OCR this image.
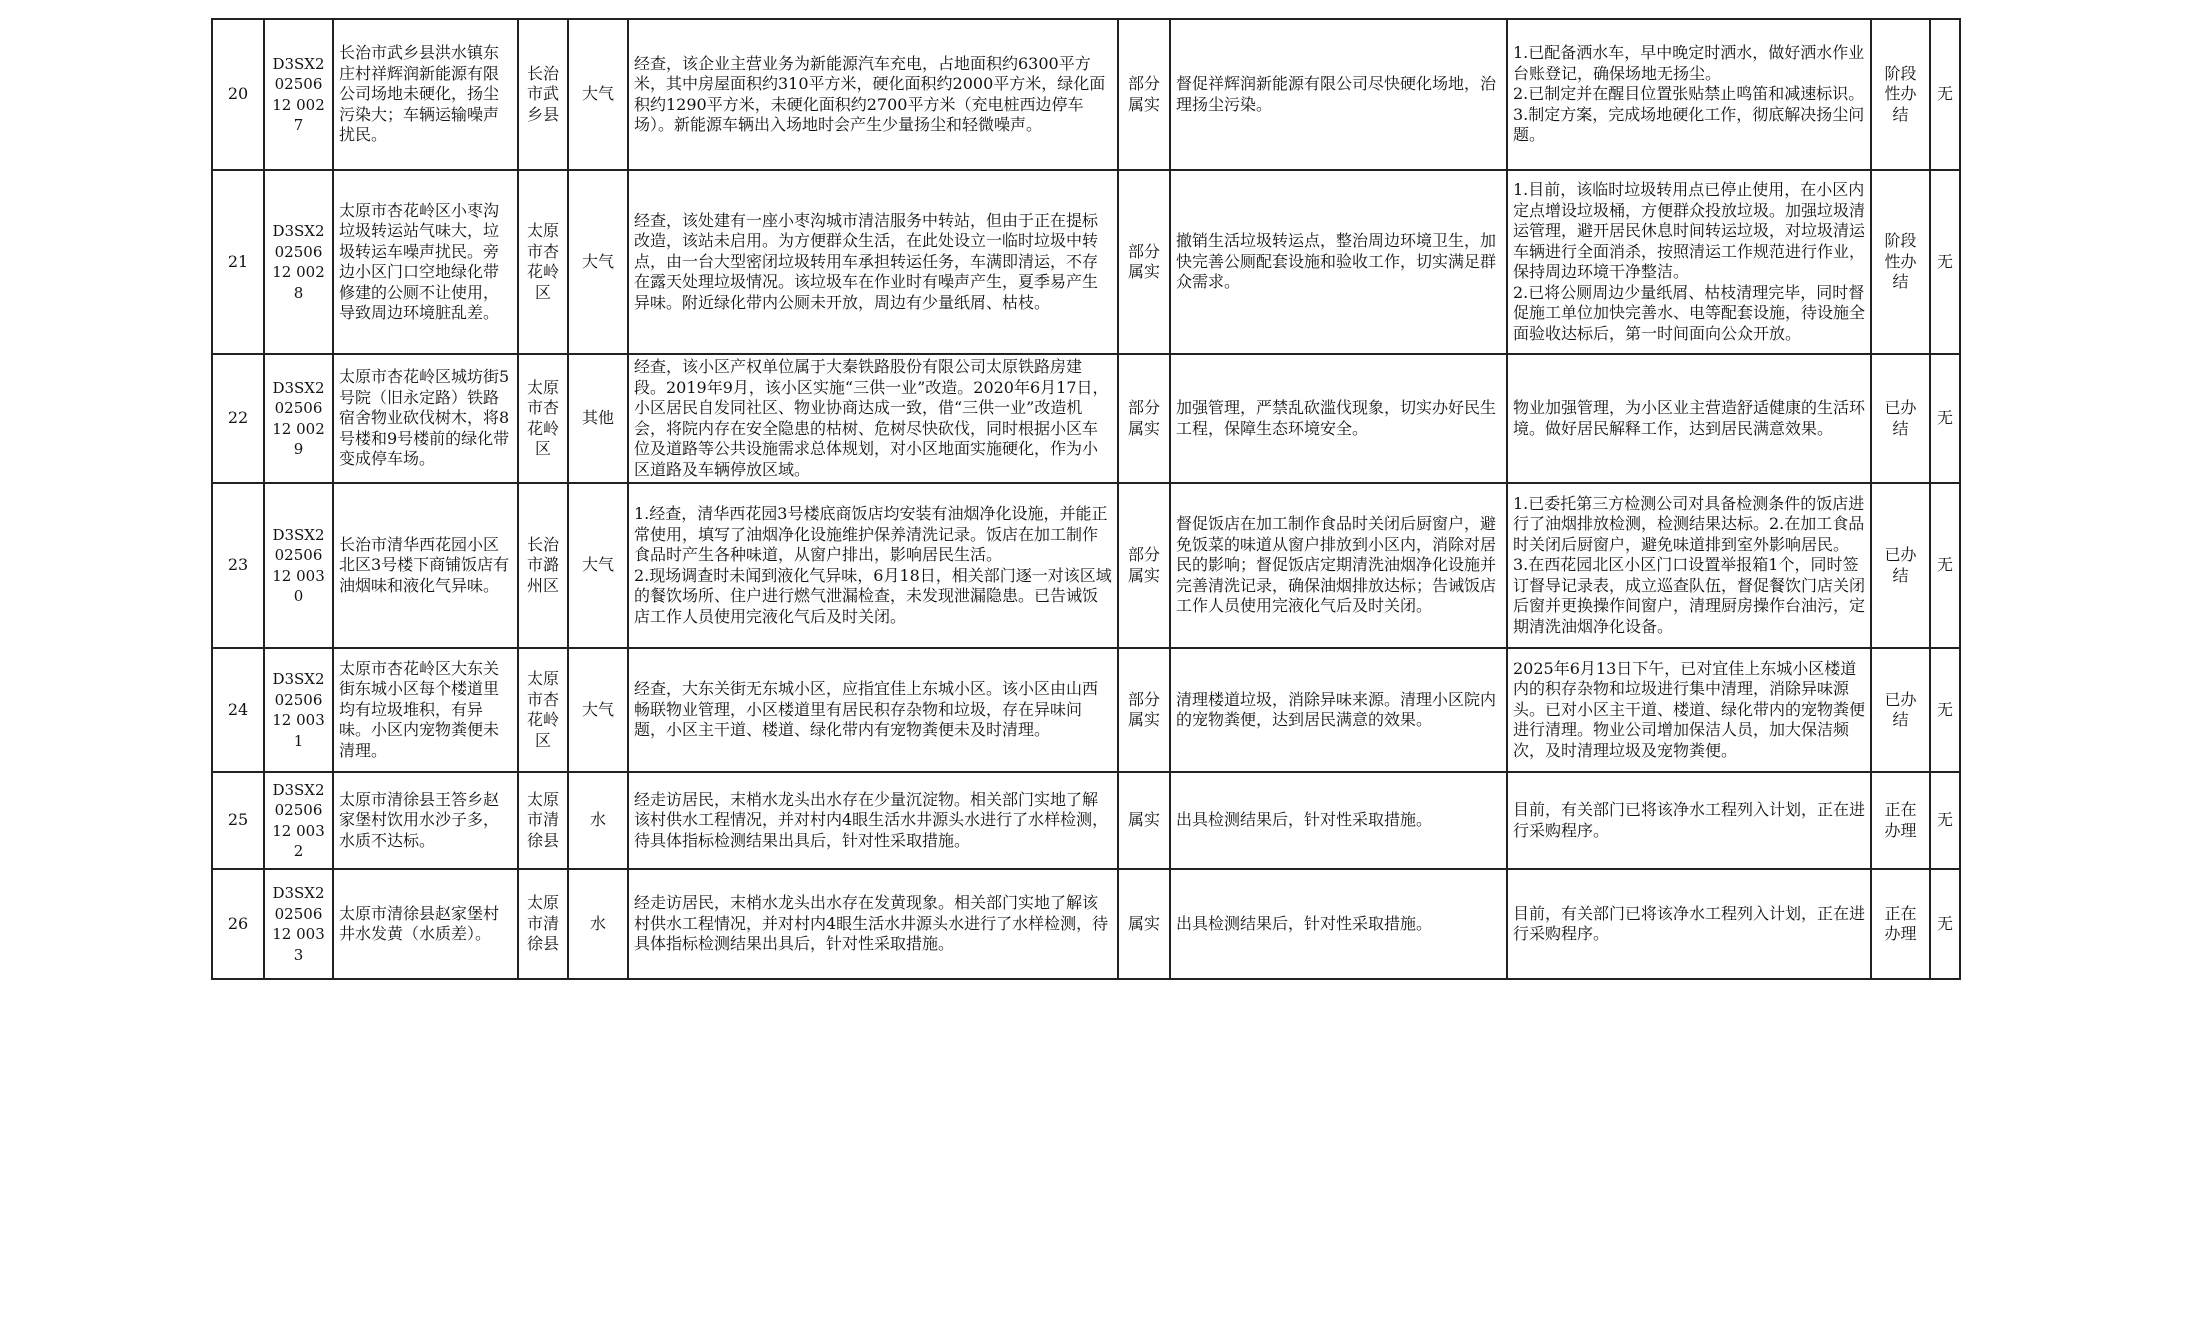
20	D3SX20250612 0027	长治市武乡县洪水镇东庄村祥辉润新能源有限公司场地未硬化，扬尘污染大；车辆运输噪声扰民。	长治市武乡县	大气	经查，该企业主营业务为新能源汽车充电，占地面积约6300平方米，其中房屋面积约310平方米，硬化面积约2000平方米，绿化面积约1290平方米，未硬化面积约2700平方米（充电桩西边停车场）。新能源车辆出入场地时会产生少量扬尘和轻微噪声。	部分属实	督促祥辉润新能源有限公司尽快硬化场地，治理扬尘污染。	1.已配备洒水车，早中晚定时洒水，做好洒水作业台账登记，确保场地无扬尘。
2.已制定并在醒目位置张贴禁止鸣笛和减速标识。
3.制定方案，完成场地硬化工作，彻底解决扬尘问题。	阶段性办结	无
21	D3SX20250612 0028	太原市杏花岭区小枣沟垃圾转运站气味大，垃圾转运车噪声扰民。旁边小区门口空地绿化带修建的公厕不让使用，导致周边环境脏乱差。	太原市杏花岭区	大气	经查，该处建有一座小枣沟城市清洁服务中转站，但由于正在提标改造，该站未启用。为方便群众生活，在此处设立一临时垃圾中转点，由一台大型密闭垃圾转用车承担转运任务，车满即清运，不存在露天处理垃圾情况。该垃圾车在作业时有噪声产生，夏季易产生异味。附近绿化带内公厕未开放，周边有少量纸屑、枯枝。	部分属实	撤销生活垃圾转运点，整治周边环境卫生，加快完善公厕配套设施和验收工作，切实满足群众需求。	1.目前，该临时垃圾转用点已停止使用，在小区内定点增设垃圾桶，方便群众投放垃圾。加强垃圾清运管理，避开居民休息时间转运垃圾，对垃圾清运车辆进行全面消杀，按照清运工作规范进行作业，保持周边环境干净整洁。
2.已将公厕周边少量纸屑、枯枝清理完毕，同时督促施工单位加快完善水、电等配套设施，待设施全面验收达标后，第一时间面向公众开放。	阶段性办结	无
22	D3SX20250612 0029	太原市杏花岭区城坊街5号院（旧永定路）铁路宿舍物业砍伐树木，将8号楼和9号楼前的绿化带变成停车场。	太原市杏花岭区	其他	经查，该小区产权单位属于大秦铁路股份有限公司太原铁路房建段。2019年9月，该小区实施“三供一业”改造。2020年6月17日，小区居民自发同社区、物业协商达成一致，借“三供一业”改造机会，将院内存在安全隐患的枯树、危树尽快砍伐，同时根据小区车位及道路等公共设施需求总体规划，对小区地面实施硬化，作为小区道路及车辆停放区域。	部分属实	加强管理，严禁乱砍滥伐现象，切实办好民生工程，保障生态环境安全。	物业加强管理，为小区业主营造舒适健康的生活环境。做好居民解释工作，达到居民满意效果。	已办结	无
23	D3SX20250612 0030	长治市清华西花园小区北区3号楼下商铺饭店有油烟味和液化气异味。	长治市潞州区	大气	1.经查，清华西花园3号楼底商饭店均安装有油烟净化设施，并能正常使用，填写了油烟净化设施维护保养清洗记录。饭店在加工制作食品时产生各种味道，从窗户排出，影响居民生活。
2.现场调查时未闻到液化气异味，6月18日，相关部门逐一对该区域的餐饮场所、住户进行燃气泄漏检查，未发现泄漏隐患。已告诫饭店工作人员使用完液化气后及时关闭。	部分属实	督促饭店在加工制作食品时关闭后厨窗户，避免饭菜的味道从窗户排放到小区内，消除对居民的影响；督促饭店定期清洗油烟净化设施并完善清洗记录，确保油烟排放达标；告诫饭店工作人员使用完液化气后及时关闭。	1.已委托第三方检测公司对具备检测条件的饭店进行了油烟排放检测，检测结果达标。2.在加工食品时关闭后厨窗户，避免味道排到室外影响居民。
3.在西花园北区小区门口设置举报箱1个，同时签订督导记录表，成立巡查队伍，督促餐饮门店关闭后窗并更换操作间窗户，清理厨房操作台油污，定期清洗油烟净化设备。	已办结	无
24	D3SX20250612 0031	太原市杏花岭区大东关街东城小区每个楼道里均有垃圾堆积，有异味。小区内宠物粪便未清理。	太原市杏花岭区	大气	经查，大东关街无东城小区，应指宜佳上东城小区。该小区由山西畅联物业管理，小区楼道里有居民积存杂物和垃圾，存在异味问题，小区主干道、楼道、绿化带内有宠物粪便未及时清理。	部分属实	清理楼道垃圾，消除异味来源。清理小区院内的宠物粪便，达到居民满意的效果。	2025年6月13日下午，已对宜佳上东城小区楼道内的积存杂物和垃圾进行集中清理，消除异味源头。已对小区主干道、楼道、绿化带内的宠物粪便进行清理。物业公司增加保洁人员，加大保洁频次，及时清理垃圾及宠物粪便。	已办结	无
25	D3SX20250612 0032	太原市清徐县王答乡赵家堡村饮用水沙子多，水质不达标。	太原市清徐县	水	经走访居民，末梢水龙头出水存在少量沉淀物。相关部门实地了解该村供水工程情况，并对村内4眼生活水井源头水进行了水样检测，待具体指标检测结果出具后，针对性采取措施。	属实	出具检测结果后，针对性采取措施。	目前，有关部门已将该净水工程列入计划，正在进行采购程序。	正在办理	无
26	D3SX20250612 0033	太原市清徐县赵家堡村井水发黄（水质差）。	太原市清徐县	水	经走访居民，末梢水龙头出水存在发黄现象。相关部门实地了解该村供水工程情况，并对村内4眼生活水井源头水进行了水样检测，待具体指标检测结果出具后，针对性采取措施。	属实	出具检测结果后，针对性采取措施。	目前，有关部门已将该净水工程列入计划，正在进行采购程序。	正在办理	无
